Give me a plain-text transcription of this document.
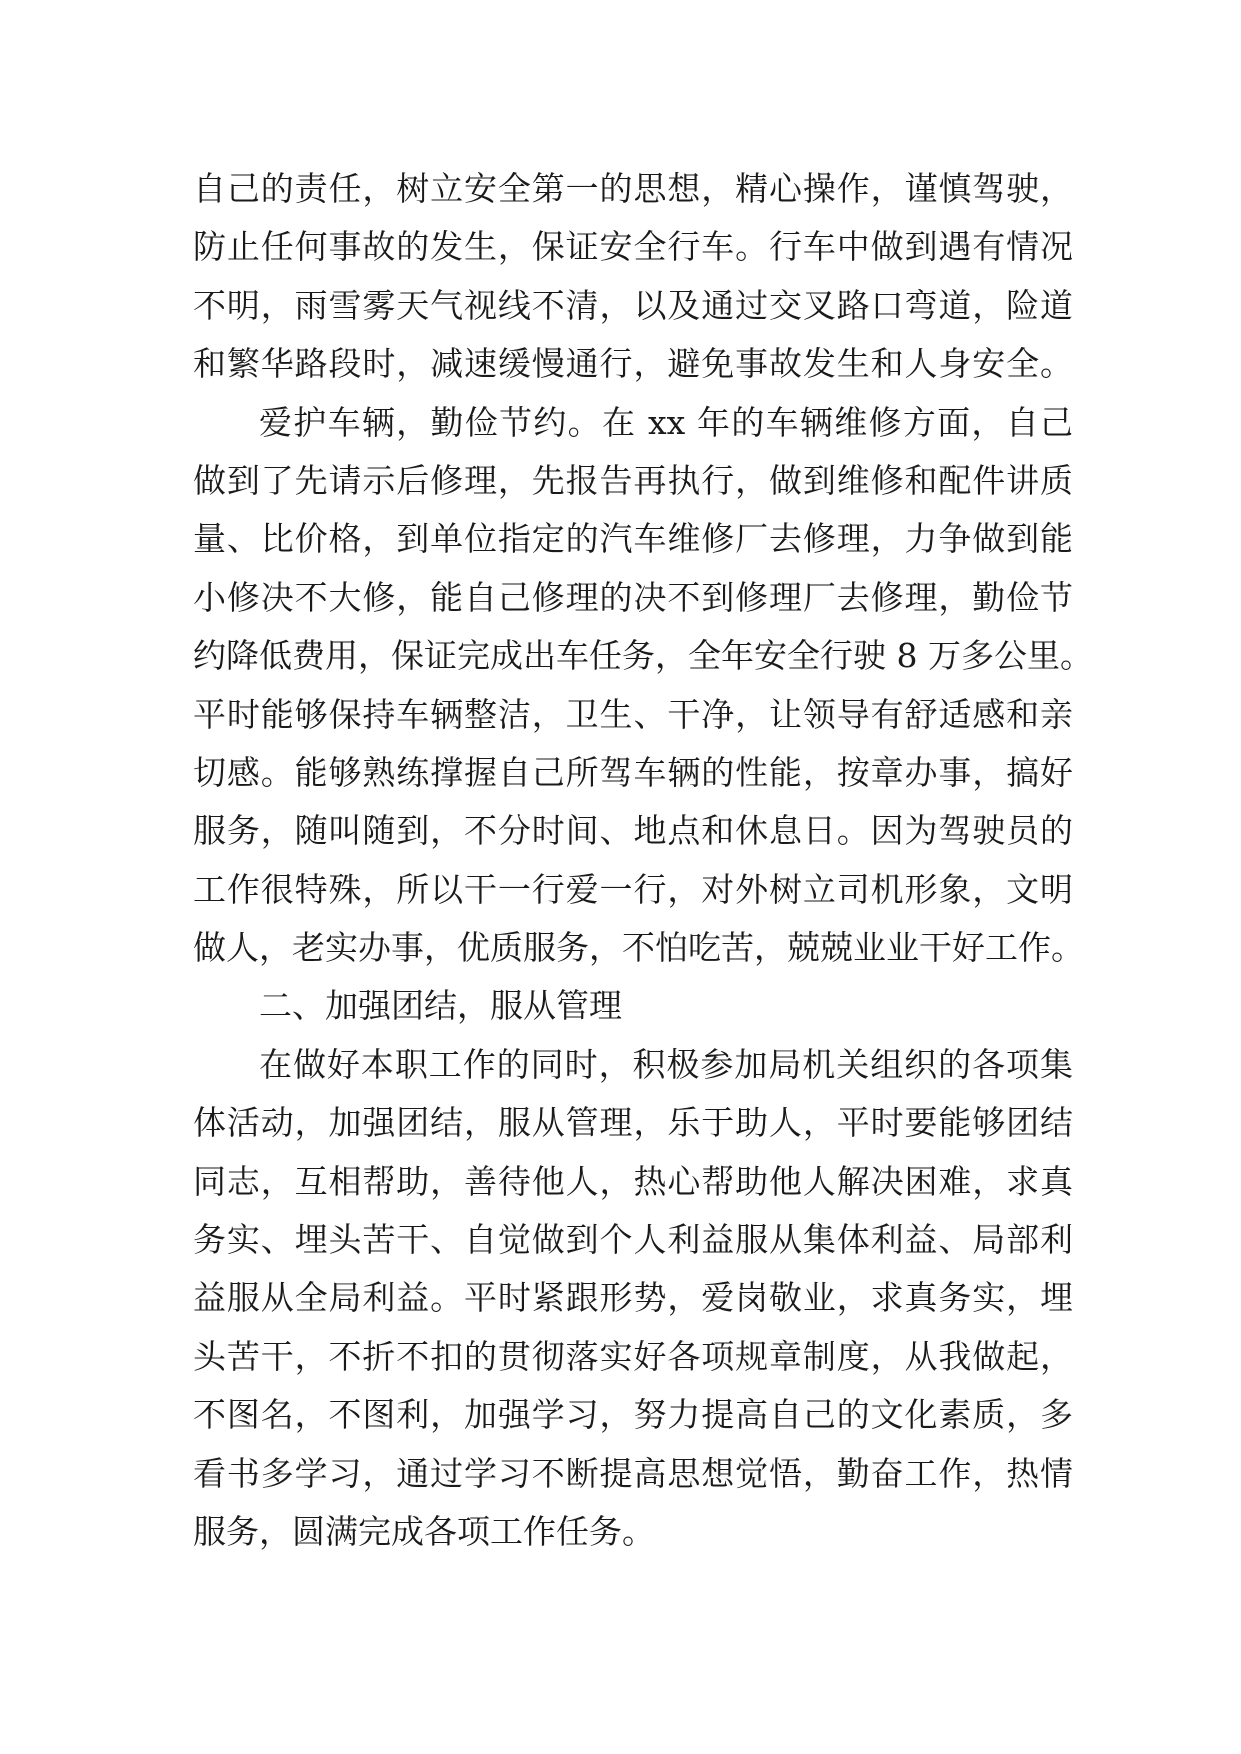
自己的责任，树立安全第一的思想，精心操作，谨慎驾驶，
防止任何事故的发生，保证安全行车。行车中做到遇有情况
不明，雨雪雾天气视线不清，以及通过交叉路口弯道，险道
和繁华路段时，减速缓慢通行，避免事故发生和人身安全。
爱护车辆，勤俭节约。在 xx 年的车辆维修方面，自己
做到了先请示后修理，先报告再执行，做到维修和配件讲质
量、比价格，到单位指定的汽车维修厂去修理，力争做到能
小修决不大修，能自己修理的决不到修理厂去修理，勤俭节
约降低费用，保证完成出车任务，全年安全行驶 8 万多公里。
平时能够保持车辆整洁，卫生、干净，让领导有舒适感和亲
切感。能够熟练撑握自己所驾车辆的性能，按章办事，搞好
服务，随叫随到，不分时间、地点和休息日。因为驾驶员的
工作很特殊，所以干一行爱一行，对外树立司机形象，文明
做人，老实办事，优质服务，不怕吃苦，兢兢业业干好工作。
二、加强团结，服从管理
在做好本职工作的同时，积极参加局机关组织的各项集
体活动，加强团结，服从管理，乐于助人，平时要能够团结
同志，互相帮助，善待他人，热心帮助他人解决困难，求真
务实、埋头苦干、自觉做到个人利益服从集体利益、局部利
益服从全局利益。平时紧跟形势，爱岗敬业，求真务实，埋
头苦干，不折不扣的贯彻落实好各项规章制度，从我做起，
不图名，不图利，加强学习，努力提高自己的文化素质，多
看书多学习，通过学习不断提高思想觉悟，勤奋工作，热情
服务，圆满完成各项工作任务。
